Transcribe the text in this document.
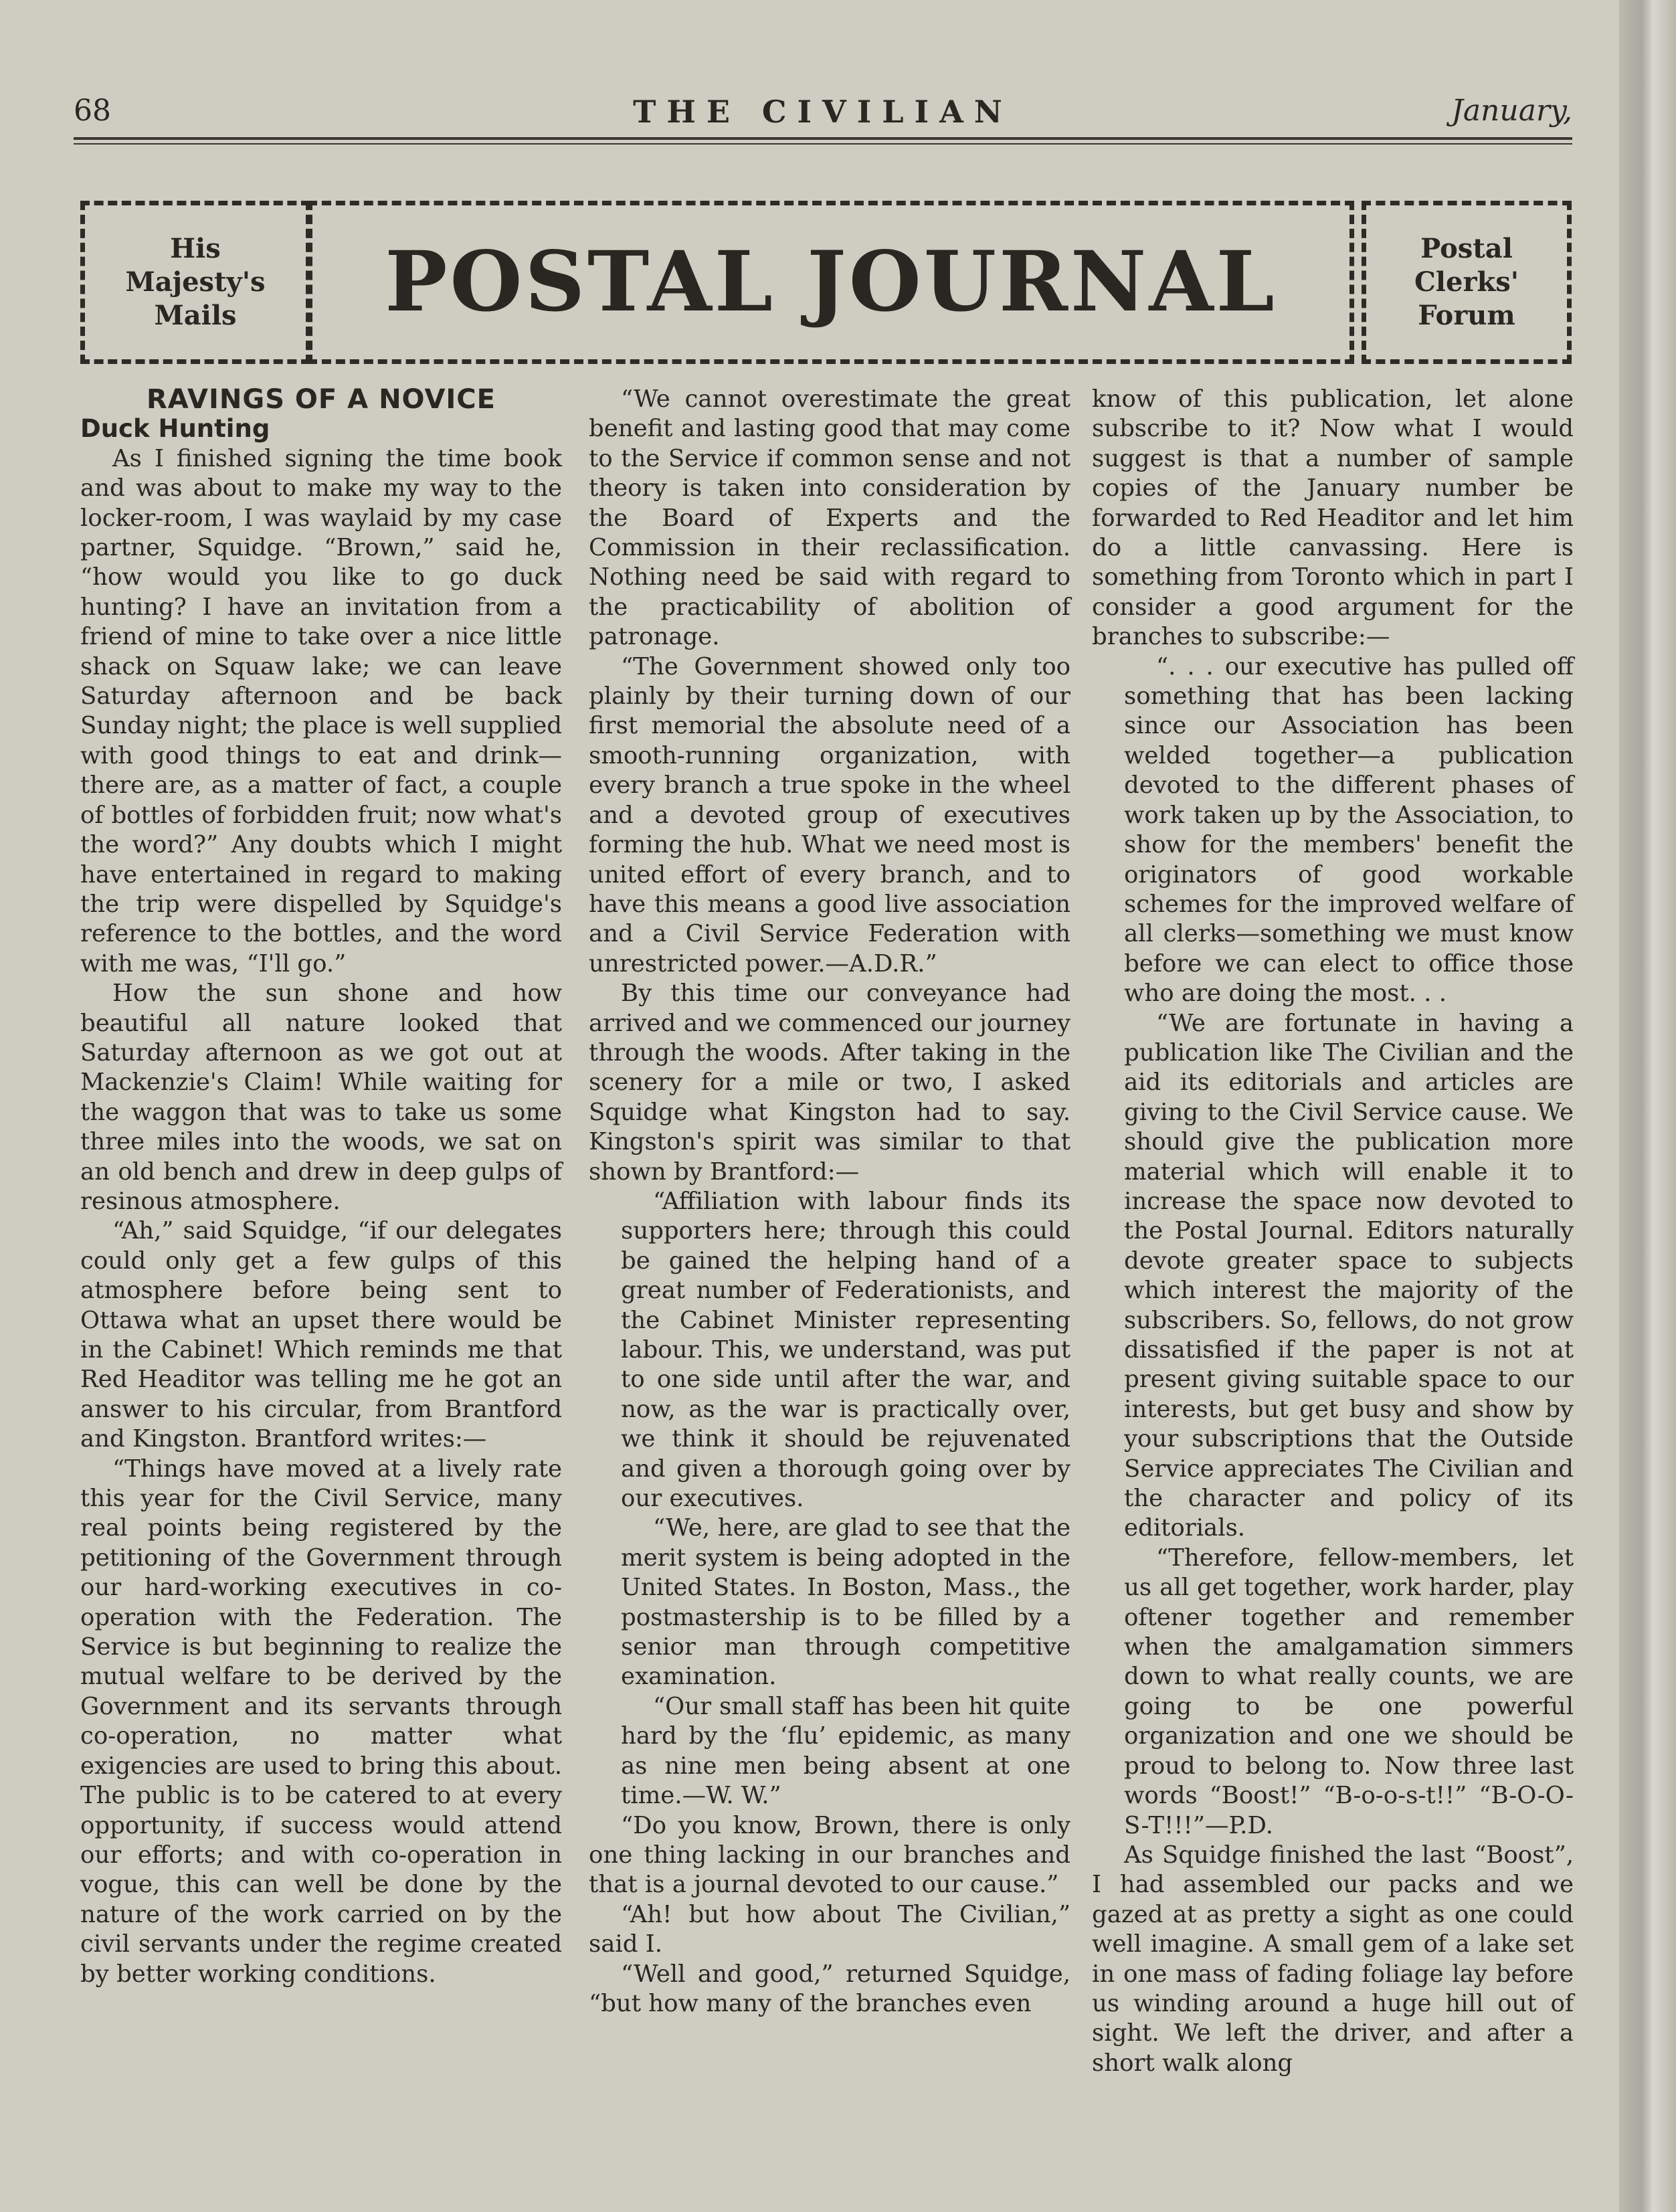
68	THE CIVILIAN	January,
His
Majesty's
Mails	POSTAL JOURNAL	Postal
Clerks'
Forum

RAVINGS OF A NOVICE

Duck Hunting

As I finished signing the time book and was about to make my way to the locker-room, I was waylaid by my case partner, Squidge. “Brown,” said he, “how would you like to go duck hunting? I have an invitation from a friend of mine to take over a nice little shack on Squaw lake; we can leave Saturday afternoon and be back Sunday night; the place is well supplied with good things to eat and drink—there are, as a matter of fact, a couple of bottles of forbidden fruit; now what's the word?” Any doubts which I might have entertained in regard to making the trip were dispelled by Squidge's reference to the bottles, and the word with me was, “I'll go.”

How the sun shone and how beautiful all nature looked that Saturday afternoon as we got out at Mackenzie's Claim! While waiting for the waggon that was to take us some three miles into the woods, we sat on an old bench and drew in deep gulps of resinous atmosphere.

“Ah,” said Squidge, “if our delegates could only get a few gulps of this atmosphere before being sent to Ottawa what an upset there would be in the Cabinet! Which reminds me that Red Headitor was telling me he got an answer to his circular, from Brantford and Kingston. Brantford writes:—

“Things have moved at a lively rate this year for the Civil Service, many real points being registered by the petitioning of the Government through our hard-working executives in co-operation with the Federation. The Service is but beginning to realize the mutual welfare to be derived by the Government and its servants through co-operation, no matter what exigencies are used to bring this about. The public is to be catered to at every opportunity, if success would attend our efforts; and with co-operation in vogue, this can well be done by the nature of the work carried on by the civil servants under the regime created by better working conditions.

“We cannot overestimate the great benefit and lasting good that may come to the Service if common sense and not theory is taken into consideration by the Board of Experts and the Commission in their reclassification. Nothing need be said with regard to the practicability of abolition of patronage.

“The Government showed only too plainly by their turning down of our first memorial the absolute need of a smooth-running organization, with every branch a true spoke in the wheel and a devoted group of executives forming the hub. What we need most is united effort of every branch, and to have this means a good live association and a Civil Service Federation with unrestricted power.—A.D.R.”

By this time our conveyance had arrived and we commenced our journey through the woods. After taking in the scenery for a mile or two, I asked Squidge what Kingston had to say. Kingston's spirit was similar to that shown by Brantford:—

“Affiliation with labour finds its supporters here; through this could be gained the helping hand of a great number of Federationists, and the Cabinet Minister representing labour. This, we understand, was put to one side until after the war, and now, as the war is practically over, we think it should be rejuvenated and given a thorough going over by our executives.

“We, here, are glad to see that the merit system is being adopted in the United States. In Boston, Mass., the postmastership is to be filled by a senior man through competitive examination.

“Our small staff has been hit quite hard by the ‘flu’ epidemic, as many as nine men being absent at one time.—W. W.”

“Do you know, Brown, there is only one thing lacking in our branches and that is a journal devoted to our cause.”

“Ah! but how about The Civilian,” said I.

“Well and good,” returned Squidge, “but how many of the branches even

know of this publication, let alone subscribe to it? Now what I would suggest is that a number of sample copies of the January number be forwarded to Red Headitor and let him do a little canvassing. Here is something from Toronto which in part I consider a good argument for the branches to subscribe:—

“. . . our executive has pulled off something that has been lacking since our Association has been welded together—a publication devoted to the different phases of work taken up by the Association, to show for the members' benefit the originators of good workable schemes for the improved welfare of all clerks—something we must know before we can elect to office those who are doing the most. . .

“We are fortunate in having a publication like The Civilian and the aid its editorials and articles are giving to the Civil Service cause. We should give the publication more material which will enable it to increase the space now devoted to the Postal Journal. Editors naturally devote greater space to subjects which interest the majority of the subscribers. So, fellows, do not grow dissatisfied if the paper is not at present giving suitable space to our interests, but get busy and show by your subscriptions that the Outside Service appreciates The Civilian and the character and policy of its editorials.

“Therefore, fellow-members, let us all get together, work harder, play oftener together and remember when the amalgamation simmers down to what really counts, we are going to be one powerful organization and one we should be proud to belong to. Now three last words “Boost!” “B-o-o-s-t!!” “B-O-O-S-T!!!”—P.D.

As Squidge finished the last “Boost”, I had assembled our packs and we gazed at as pretty a sight as one could well imagine. A small gem of a lake set in one mass of fading foliage lay before us winding around a huge hill out of sight. We left the driver, and after a short walk along
